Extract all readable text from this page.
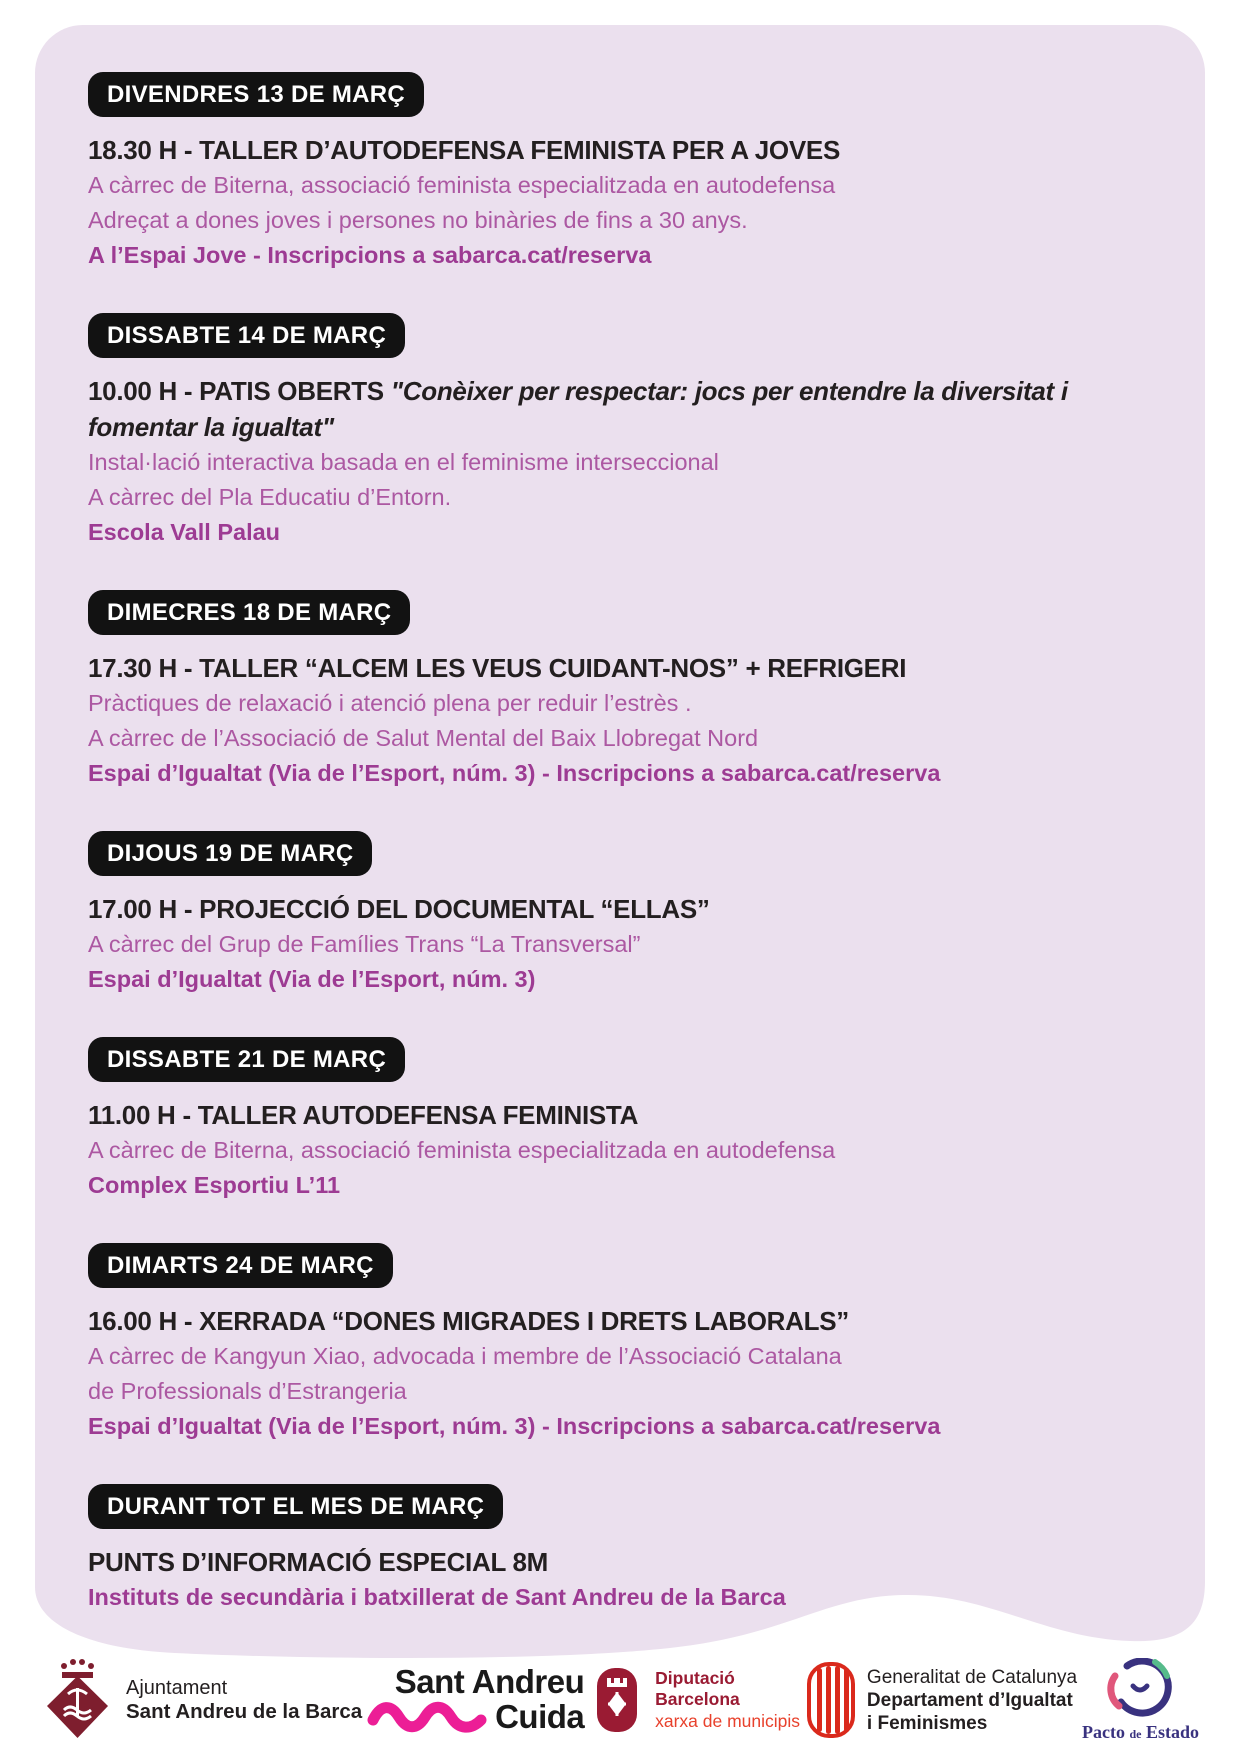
DIVENDRES 13 DE MARÇ
18.30 H - TALLER D’AUTODEFENSA FEMINISTA PER A JOVES

A càrrec de Biterna, associació feminista especialitzada en autodefensa

Adreçat a dones joves i persones no binàries de fins a 30 anys.

A l’Espai Jove - Inscripcions a sabarca.cat/reserva

DISSABTE 14 DE MARÇ
10.00 H - PATIS OBERTS "Conèixer per respectar: jocs per entendre la diversitat i fomentar la igualtat"

Instal·lació interactiva basada en el feminisme interseccional

A càrrec del Pla Educatiu d’Entorn.

Escola Vall Palau

DIMECRES 18 DE MARÇ
17.30 H - TALLER “ALCEM LES VEUS CUIDANT-NOS” + REFRIGERI

Pràctiques de relaxació i atenció plena per reduir l’estrès .

A càrrec de l’Associació de Salut Mental del Baix Llobregat Nord

Espai d’Igualtat (Via de l’Esport, núm. 3) - Inscripcions a sabarca.cat/reserva

DIJOUS 19 DE MARÇ
17.00 H - PROJECCIÓ DEL DOCUMENTAL “ELLAS”

A càrrec del Grup de Famílies Trans “La Transversal”

Espai d’Igualtat (Via de l’Esport, núm. 3)

DISSABTE 21 DE MARÇ
11.00 H - TALLER AUTODEFENSA FEMINISTA

A càrrec de Biterna, associació feminista especialitzada en autodefensa

Complex Esportiu L’11

DIMARTS 24 DE MARÇ
16.00 H - XERRADA “DONES MIGRADES I DRETS LABORALS”

A càrrec de Kangyun Xiao, advocada i membre de l’Associació Catalana

de Professionals d’Estrangeria

Espai d’Igualtat (Via de l’Esport, núm. 3) - Inscripcions a sabarca.cat/reserva

DURANT TOT EL MES DE MARÇ
PUNTS D’INFORMACIÓ ESPECIAL 8M

Instituts de secundària i batxillerat de Sant Andreu de la Barca

Ajuntament
Sant Andreu de la Barca
Sant Andreu
Cuida
Diputació
Barcelona
xarxa de municipis
Generalitat de Catalunya
Departament d’Igualtat
i Feminismes	Pacto de Estado
